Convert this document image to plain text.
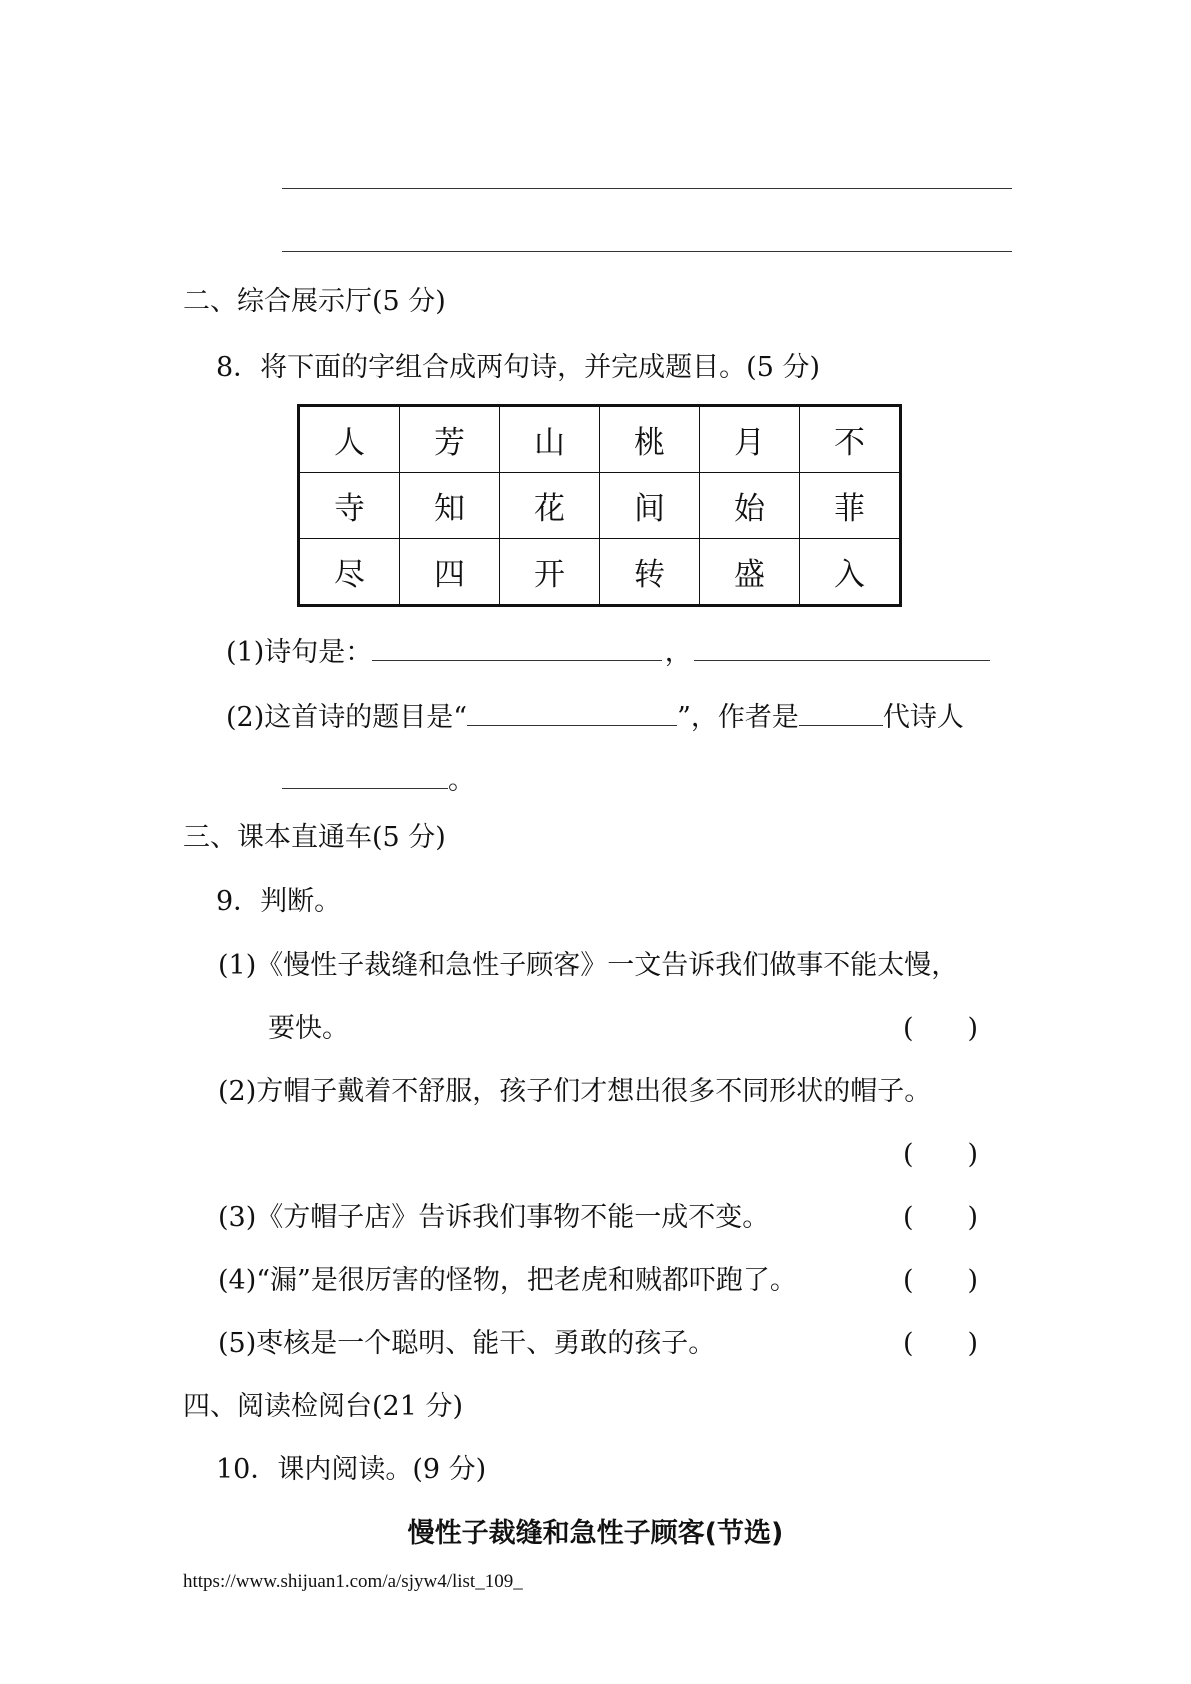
二、综合展示厅(5 分)
8．将下面的字组合成两句诗，并完成题目。(5 分)
人	芳	山	桃	月	不
寺	知	花	间	始	菲
尽	四	开	转	盛	入
(1)诗句是：	，
(2)这首诗的题目是“	”，作者是	代诗人
。
三、课本直通车(5 分)
9．判断。
(1)《慢性子裁缝和急性子顾客》一文告诉我们做事不能太慢，
要快。	(　　)
(2)方帽子戴着不舒服，孩子们才想出很多不同形状的帽子。
(　　)
(3)《方帽子店》告诉我们事物不能一成不变。	(　　)
(4)“漏”是很厉害的怪物，把老虎和贼都吓跑了。	(　　)
(5)枣核是一个聪明、能干、勇敢的孩子。	(　　)
四、阅读检阅台(21 分)
10．课内阅读。(9 分)
慢性子裁缝和急性子顾客(节选)
https://www.shijuan1.com/a/sjyw4/list_109_
